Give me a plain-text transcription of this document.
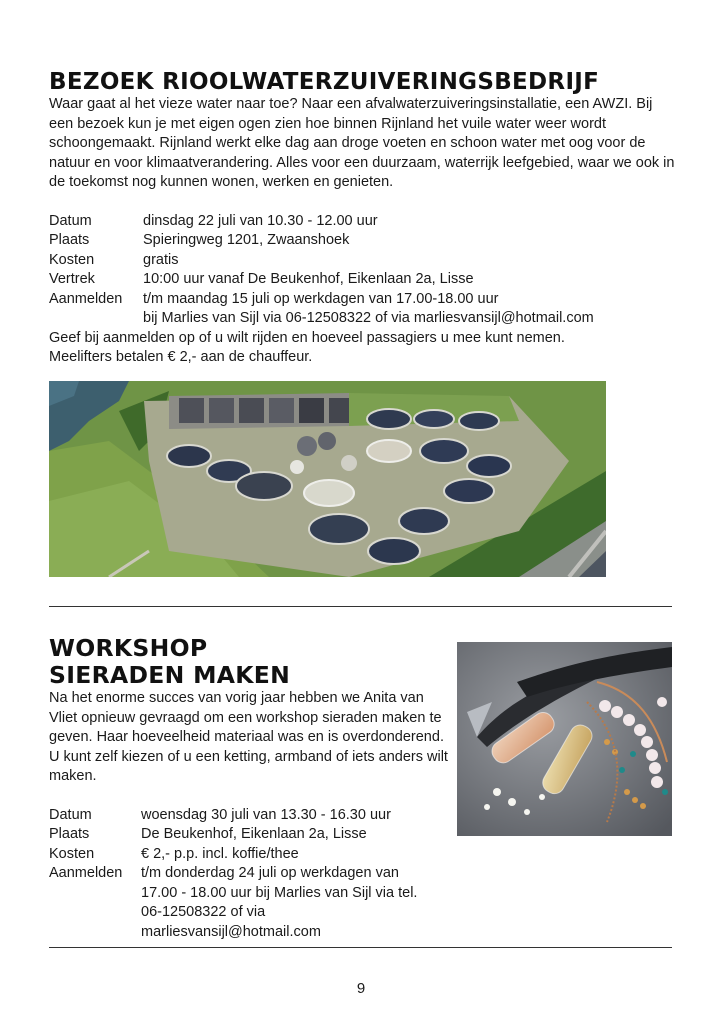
BEZOEK RIOOLWATERZUIVERINGSBEDRIJF

Waar gaat al het vieze water naar toe? Naar een afvalwaterzuiveringsinstallatie, een AWZI. Bij een bezoek kun je met eigen ogen zien hoe binnen Rijnland het vuile water weer wordt schoongemaakt. Rijnland werkt elke dag aan droge voeten en schoon water met oog voor de natuur en voor klimaatverandering. Alles voor een duurzaam, waterrijk leefgebied, waar we ook in de toekomst nog kunnen wonen, werken en genieten.

Datum	dinsdag 22 juli van 10.30 - 12.00 uur
Plaats	Spieringweg 1201, Zwaanshoek
Kosten	gratis
Vertrek	10:00 uur vanaf De Beukenhof, Eikenlaan 2a, Lisse
Aanmelden	t/m maandag 15 juli op werkdagen van 17.00-18.00 uur
bij Marlies van Sijl via 06-12508322 of via marliesvansijl@hotmail.com
Geef bij aanmelden op of u wilt rijden en hoeveel passagiers u mee kunt nemen.
Meelifters betalen € 2,- aan de chauffeur.
WORKSHOP
SIERADEN MAKEN

Na het enorme succes van vorig jaar hebben we Anita van Vliet opnieuw gevraagd om een workshop sieraden maken te geven. Haar hoeveelheid materiaal was en is overdonderend.

U kunt zelf kiezen of u een ketting, armband of iets anders wilt maken.

Datum	woensdag 30 juli van 13.30 - 16.30 uur
Plaats	De Beukenhof, Eikenlaan 2a, Lisse
Kosten	€ 2,- p.p. incl. koffie/thee
Aanmelden	t/m donderdag 24 juli op werkdagen van
17.00 - 18.00 uur bij Marlies van Sijl via tel.
06-12508322 of via marliesvansijl@hotmail.com
9
